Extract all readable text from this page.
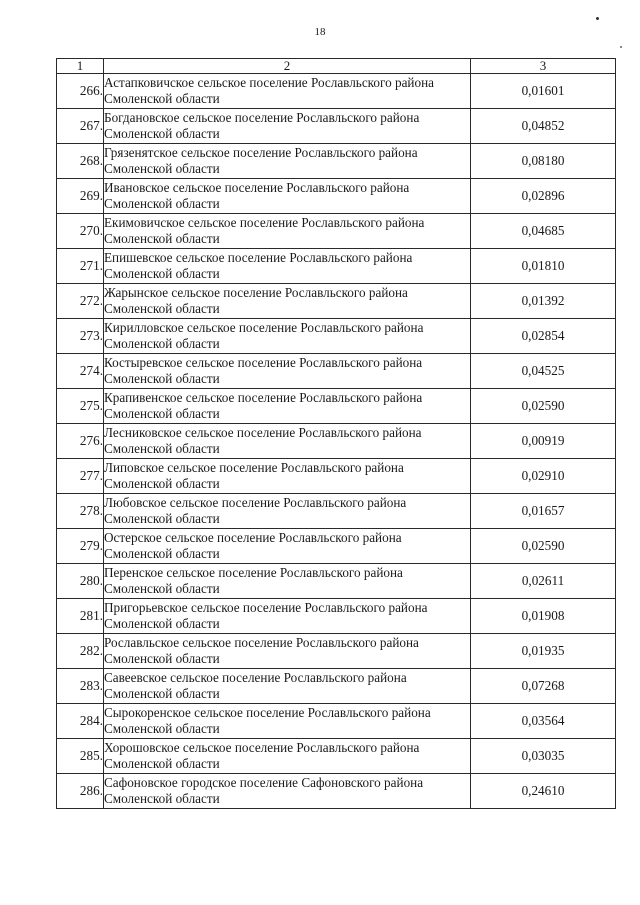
18
1	2	3
266.	Астапковичское сельское поселение Рославльского района Смоленской области	0,01601
267.	Богдановское сельское поселение Рославльского района Смоленской области	0,04852
268.	Грязенятское сельское поселение Рославльского района Смоленской области	0,08180
269.	Ивановское сельское поселение Рославльского района Смоленской области	0,02896
270.	Екимовичское сельское поселение Рославльского района Смоленской области	0,04685
271.	Епишевское сельское поселение Рославльского района Смоленской области	0,01810
272.	Жарынское сельское поселение Рославльского района Смоленской области	0,01392
273.	Кирилловское сельское поселение Рославльского района Смоленской области	0,02854
274.	Костыревское сельское поселение Рославльского района Смоленской области	0,04525
275.	Крапивенское сельское поселение Рославльского района Смоленской области	0,02590
276.	Лесниковское сельское поселение Рославльского района Смоленской области	0,00919
277.	Липовское сельское поселение Рославльского района Смоленской области	0,02910
278.	Любовское сельское поселение Рославльского района Смоленской области	0,01657
279.	Остерское сельское поселение Рославльского района Смоленской области	0,02590
280.	Перенское сельское поселение Рославльского района Смоленской области	0,02611
281.	Пригорьевское сельское поселение Рославльского района Смоленской области	0,01908
282.	Рославльское сельское поселение Рославльского района Смоленской области	0,01935
283.	Савеевское сельское поселение Рославльского района Смоленской области	0,07268
284.	Сырокоренское сельское поселение Рославльского района Смоленской области	0,03564
285.	Хорошовское сельское поселение Рославльского района Смоленской области	0,03035
286.	Сафоновское городское поселение Сафоновского района Смоленской области	0,24610
